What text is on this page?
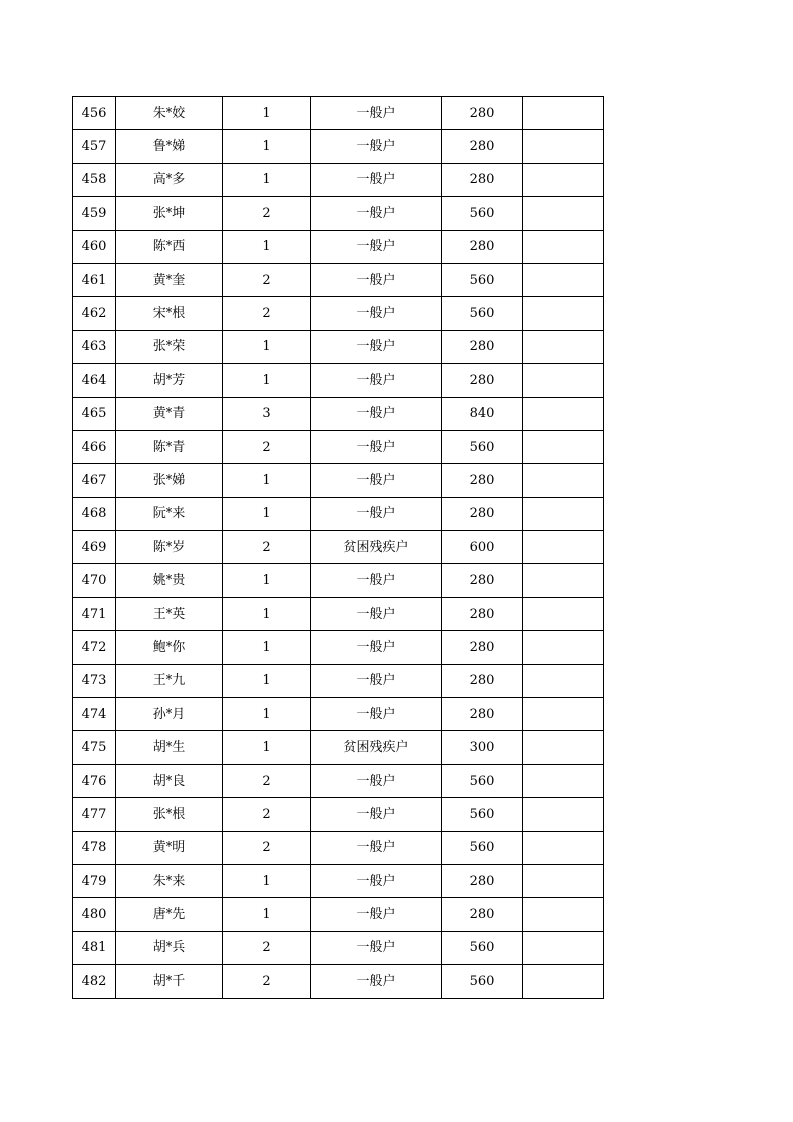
456	朱*姣	1	一般户	280	
457	鲁*娣	1	一般户	280	
458	高*多	1	一般户	280	
459	张*坤	2	一般户	560	
460	陈*西	1	一般户	280	
461	黄*奎	2	一般户	560	
462	宋*根	2	一般户	560	
463	张*荣	1	一般户	280	
464	胡*芳	1	一般户	280	
465	黄*青	3	一般户	840	
466	陈*青	2	一般户	560	
467	张*娣	1	一般户	280	
468	阮*来	1	一般户	280	
469	陈*岁	2	贫困残疾户	600	
470	姚*贵	1	一般户	280	
471	王*英	1	一般户	280	
472	鲍*你	1	一般户	280	
473	王*九	1	一般户	280	
474	孙*月	1	一般户	280	
475	胡*生	1	贫困残疾户	300	
476	胡*良	2	一般户	560	
477	张*根	2	一般户	560	
478	黄*明	2	一般户	560	
479	朱*来	1	一般户	280	
480	唐*先	1	一般户	280	
481	胡*兵	2	一般户	560	
482	胡*千	2	一般户	560	
